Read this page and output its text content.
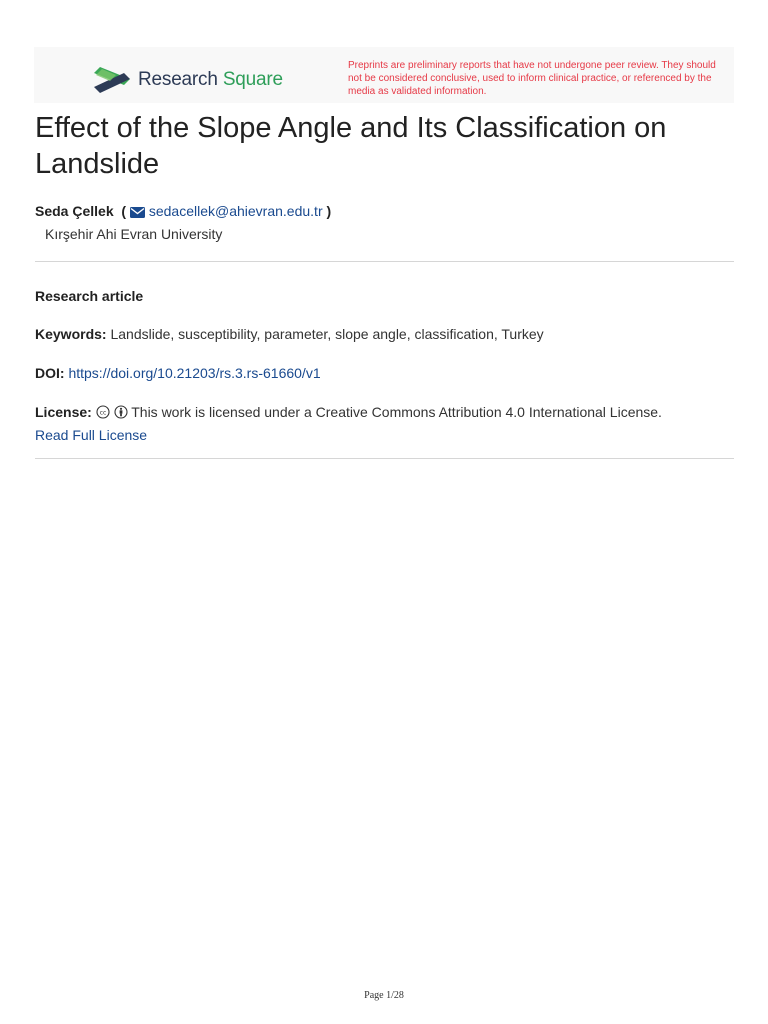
Research Square
Preprints are preliminary reports that have not undergone peer review. They should not be considered conclusive, used to inform clinical practice, or referenced by the media as validated information.
Effect of the Slope Angle and Its Classification on Landslide
Seda Çellek  ( sedacellek@ahievran.edu.tr )
Kırşehir Ahi Evran University
Research article
Keywords: Landslide, susceptibility, parameter, slope angle, classification, Turkey
DOI: https://doi.org/10.21203/rs.3.rs-61660/v1
License: cc This work is licensed under a Creative Commons Attribution 4.0 International License.
Read Full License
Page 1/28
